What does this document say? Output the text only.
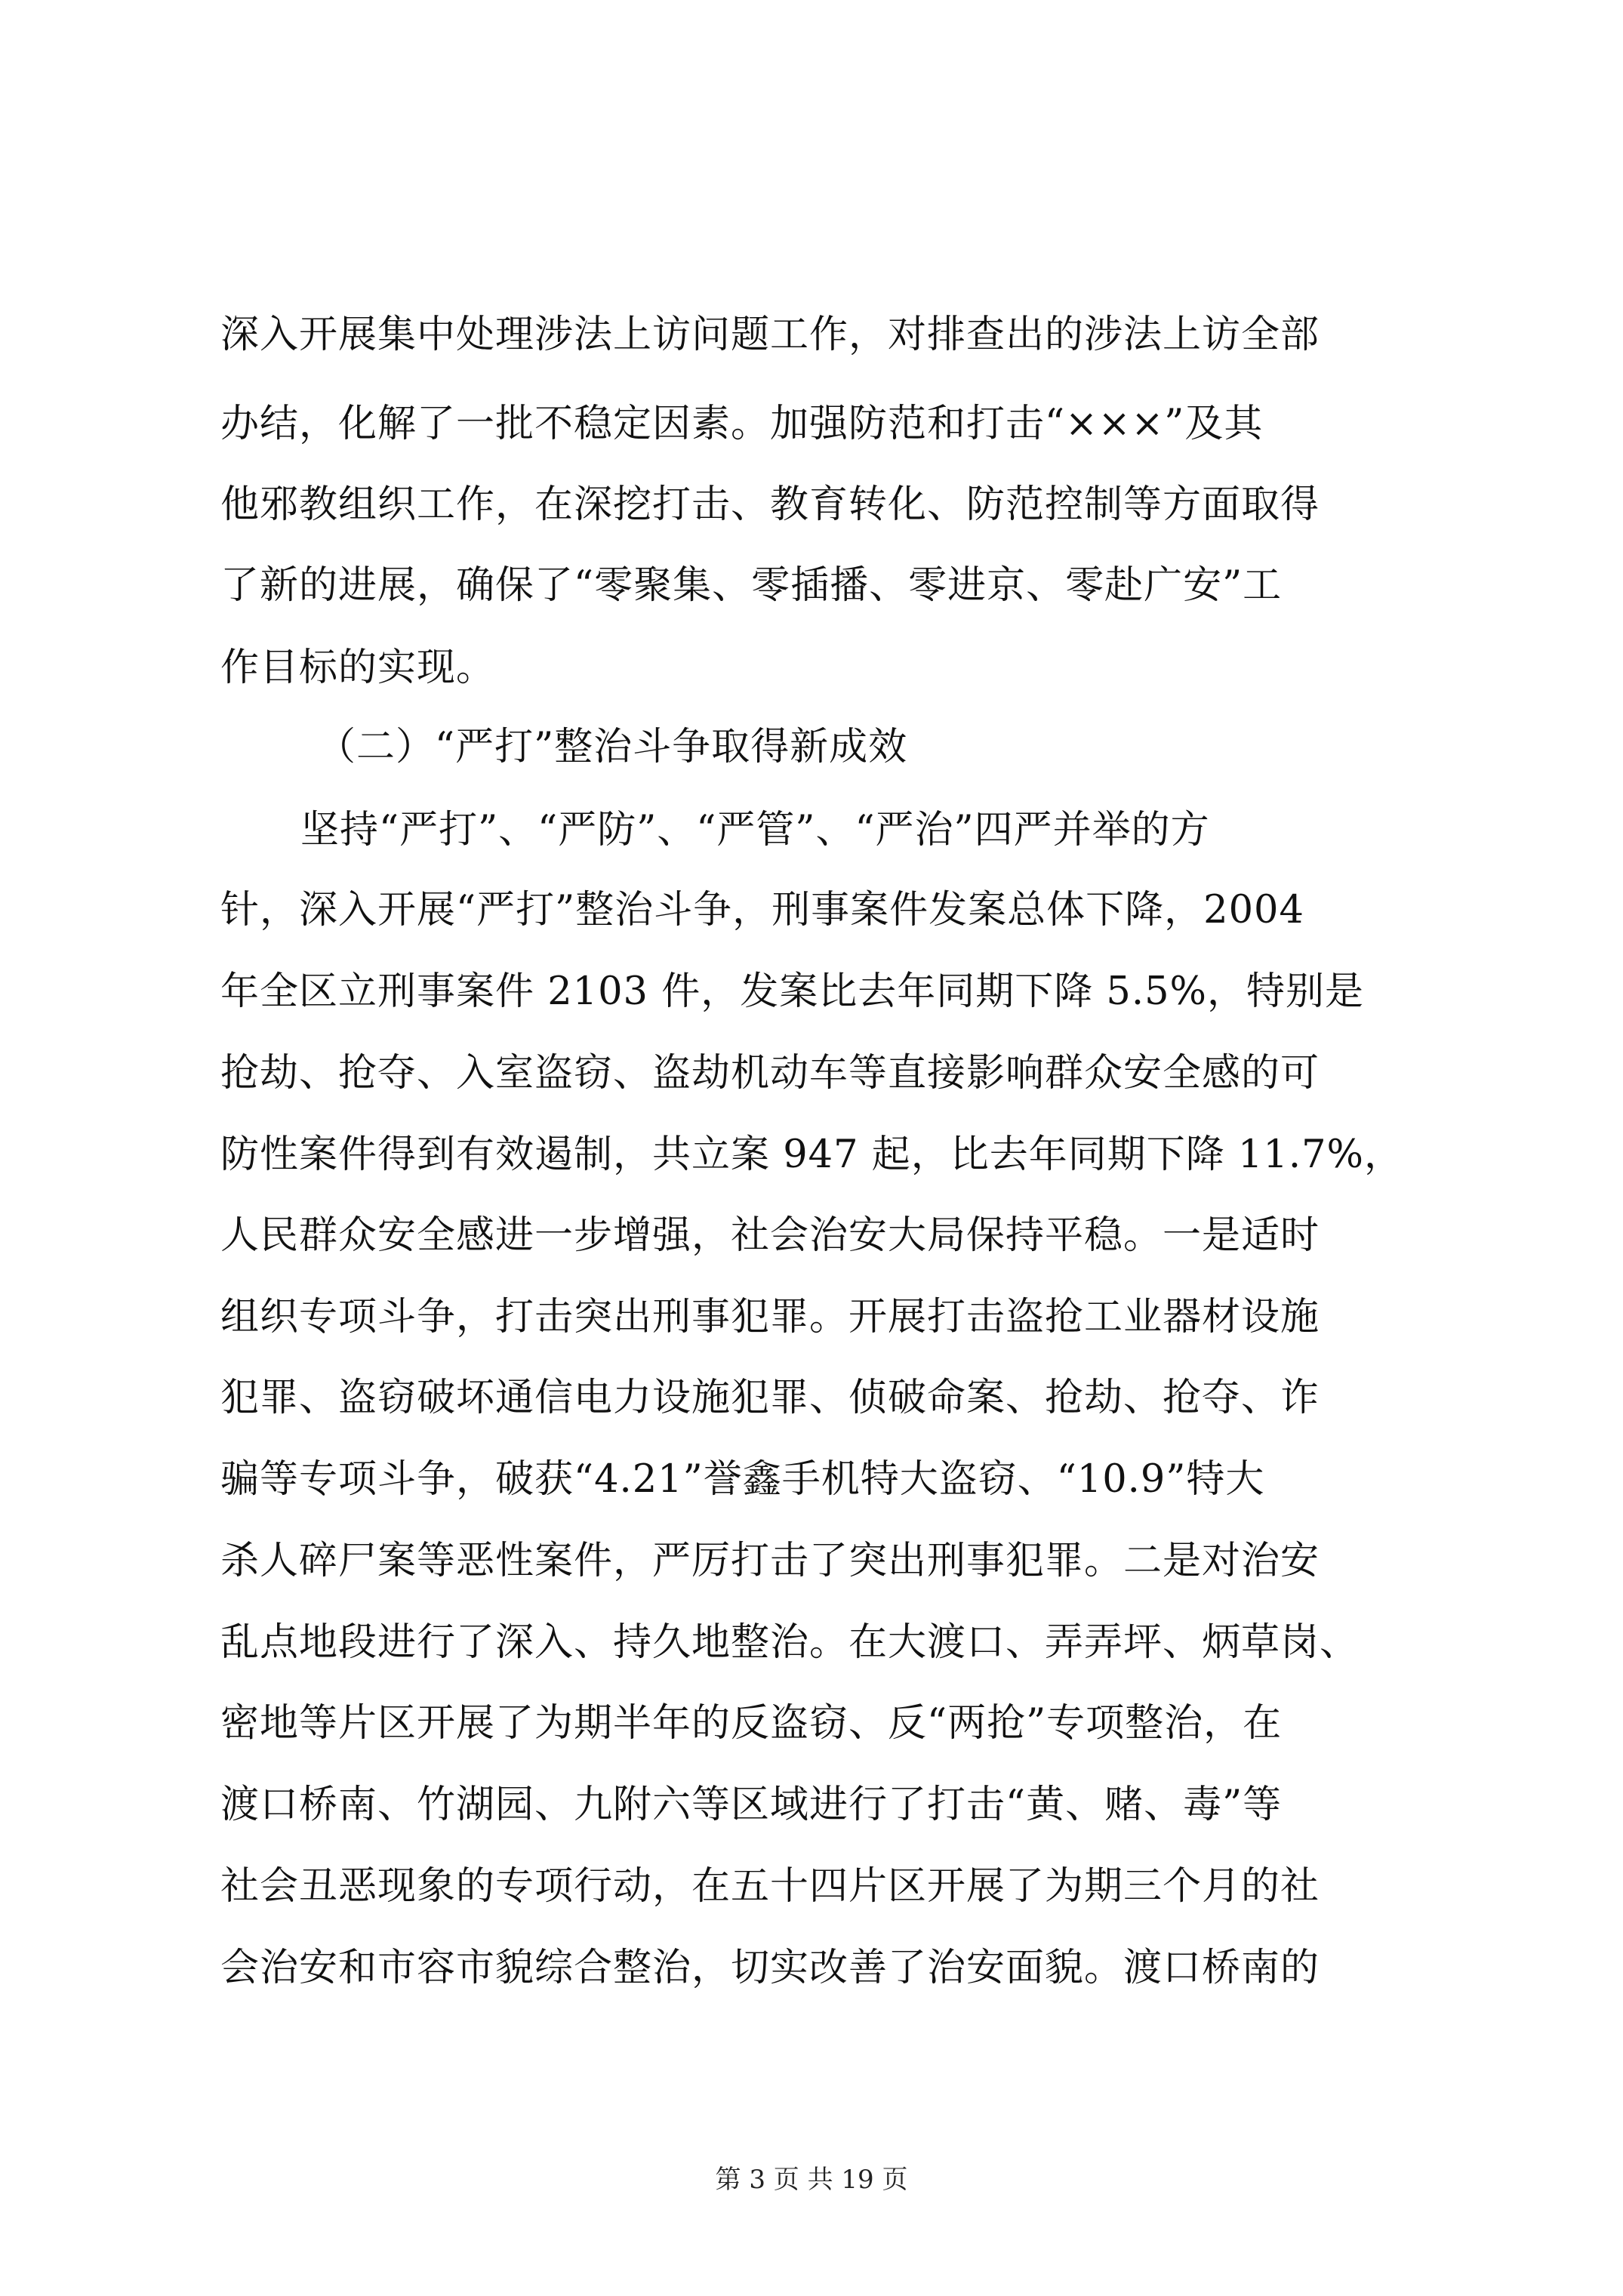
深入开展集中处理涉法上访问题工作，对排查出的涉法上访全部
办结，化解了一批不稳定因素。加强防范和打击“×××”及其
他邪教组织工作，在深挖打击、教育转化、防范控制等方面取得
了新的进展，确保了“零聚集、零插播、零进京、零赴广安”工
作目标的实现。
（二）“严打”整治斗争取得新成效
坚持“严打”、“严防”、“严管”、“严治”四严并举的方
针，深入开展“严打”整治斗争，刑事案件发案总体下降，2004
年全区立刑事案件 2103 件，发案比去年同期下降 5.5%，特别是
抢劫、抢夺、入室盗窃、盗劫机动车等直接影响群众安全感的可
防性案件得到有效遏制，共立案 947 起，比去年同期下降 11.7%，
人民群众安全感进一步增强，社会治安大局保持平稳。一是适时
组织专项斗争，打击突出刑事犯罪。开展打击盗抢工业器材设施
犯罪、盗窃破坏通信电力设施犯罪、侦破命案、抢劫、抢夺、诈
骗等专项斗争，破获“4.21”誉鑫手机特大盗窃、“10.9”特大
杀人碎尸案等恶性案件，严厉打击了突出刑事犯罪。二是对治安
乱点地段进行了深入、持久地整治。在大渡口、弄弄坪、炳草岗、
密地等片区开展了为期半年的反盗窃、反“两抢”专项整治，在
渡口桥南、竹湖园、九附六等区域进行了打击“黄、赌、毒”等
社会丑恶现象的专项行动，在五十四片区开展了为期三个月的社
会治安和市容市貌综合整治，切实改善了治安面貌。渡口桥南的
第 3 页 共 19 页
